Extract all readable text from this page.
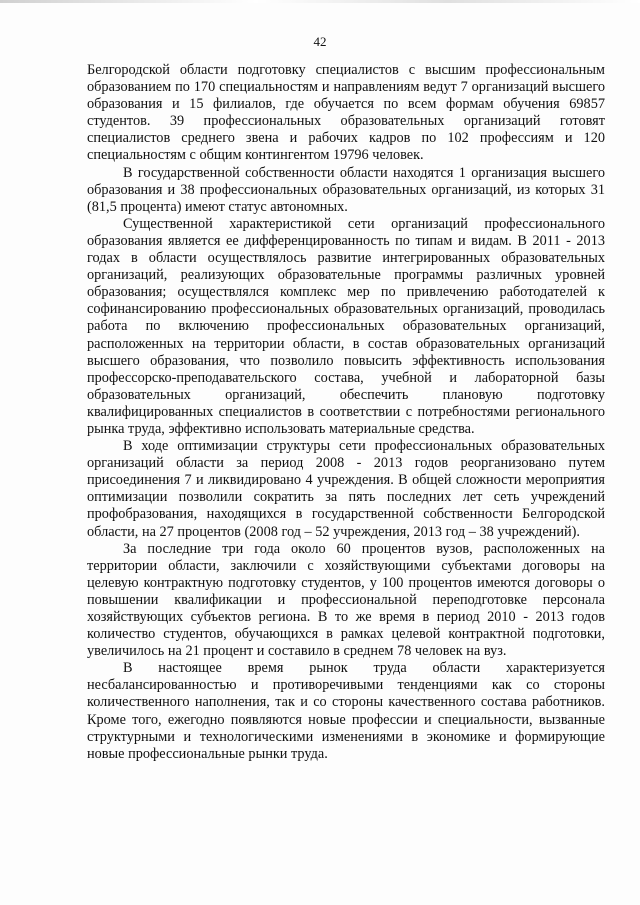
42

Белгородской области подготовку специалистов с высшим профессиональным образованием по 170 специальностям и направлениям ведут 7 организаций высшего образования и 15 филиалов, где обучается по всем формам обучения 69857 студентов. 39 профессиональных образовательных организаций готовят специалистов среднего звена и рабочих кадров по 102 профессиям и 120 специальностям с общим контингентом 19796 человек.

В государственной собственности области находятся 1 организация высшего образования и 38 профессиональных образовательных организаций, из которых 31 (81,5 процента) имеют статус автономных.

Существенной характеристикой сети организаций профессионального образования является ее дифференцированность по типам и видам. В 2011 - 2013 годах в области осуществлялось развитие интегрированных образовательных организаций, реализующих образовательные программы различных уровней образования; осуществлялся комплекс мер по привлечению работодателей к софинансированию профессиональных образовательных организаций, проводилась работа по включению профессиональных образовательных организаций, расположенных на территории области, в состав образовательных организаций высшего образования, что позволило повысить эффективность использования профессорско-преподавательского состава, учебной и лабораторной базы образовательных организаций, обеспечить плановую подготовку квалифицированных специалистов в соответствии с потребностями регионального рынка труда, эффективно использовать материальные средства.

В ходе оптимизации структуры сети профессиональных образовательных организаций области за период 2008 - 2013 годов реорганизовано путем присоединения 7 и ликвидировано 4 учреждения. В общей сложности мероприятия оптимизации позволили сократить за пять последних лет сеть учреждений профобразования, находящихся в государственной собственности Белгородской области, на 27 процентов (2008 год – 52 учреждения, 2013 год – 38 учреждений).

За последние три года около 60 процентов вузов, расположенных на территории области, заключили с хозяйствующими субъектами договоры на целевую контрактную подготовку студентов, у 100 процентов имеются договоры о повышении квалификации и профессиональной переподготовке персонала хозяйствующих субъектов региона. В то же время в период 2010 - 2013 годов количество студентов, обучающихся в рамках целевой контрактной подготовки, увеличилось на 21 процент и составило в среднем 78 человек на вуз.

В настоящее время рынок труда области характеризуется несбалансированностью и противоречивыми тенденциями как со стороны количественного наполнения, так и со стороны качественного состава работников. Кроме того, ежегодно появляются новые профессии и специальности, вызванные структурными и технологическими изменениями в экономике и формирующие новые профессиональные рынки труда.
